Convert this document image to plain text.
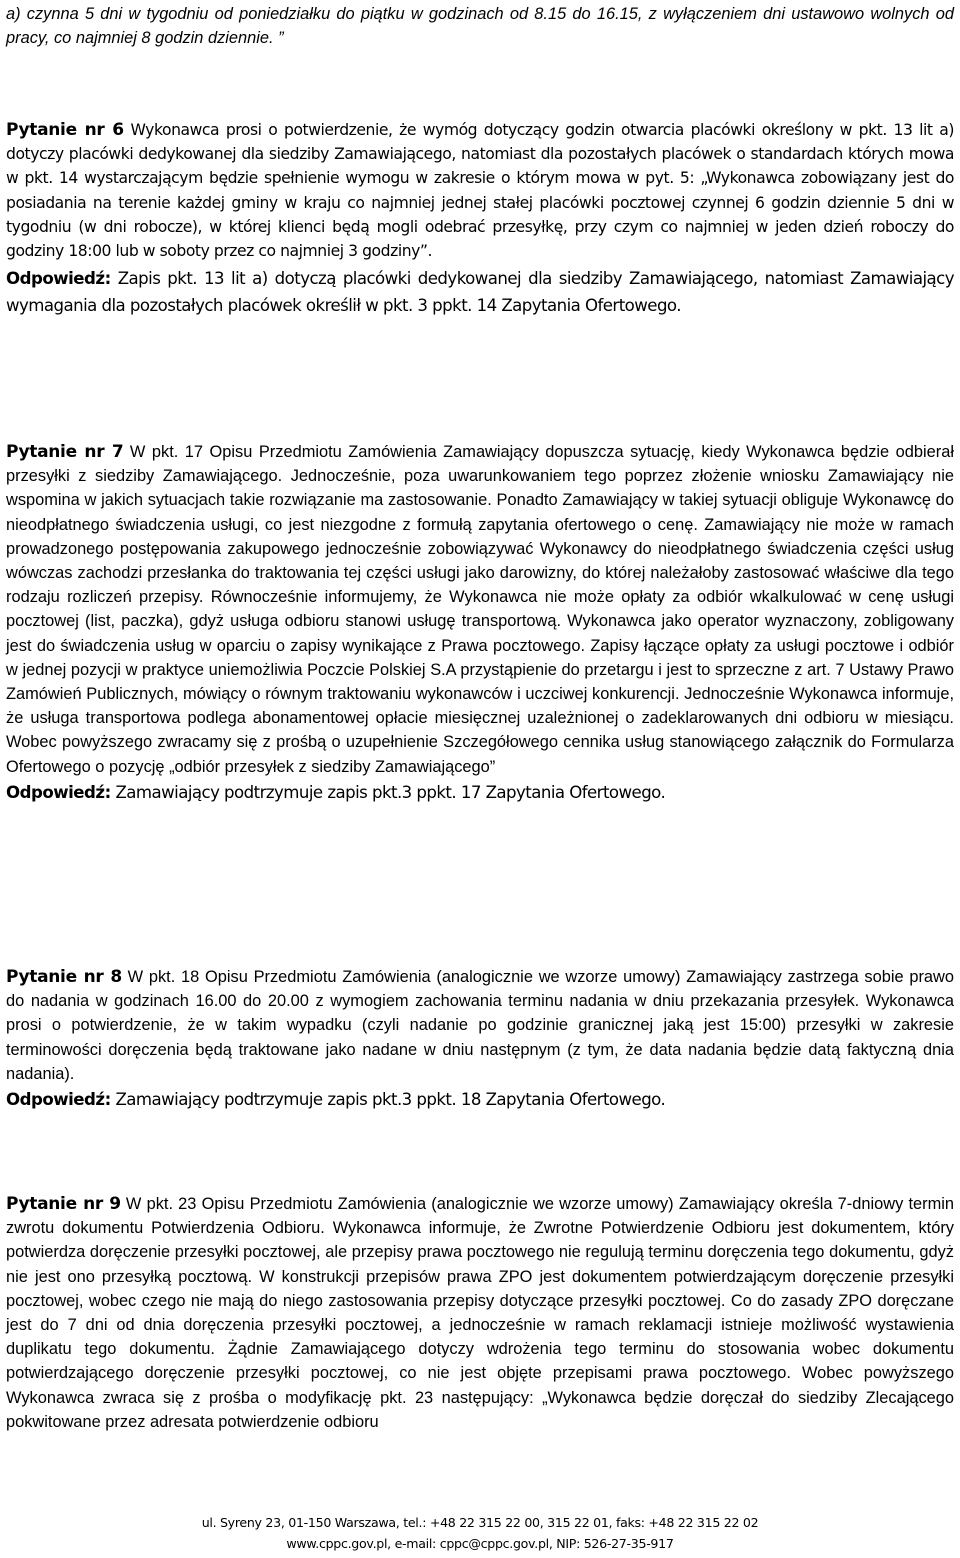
a) czynna 5 dni w tygodniu od poniedziałku do piątku w godzinach od 8.15 do 16.15, z wyłączeniem dni ustawowo wolnych od pracy, co najmniej 8 godzin dziennie. ”

Pytanie nr 6 Wykonawca prosi o potwierdzenie, że wymóg dotyczący godzin otwarcia placówki określony w pkt. 13 lit a) dotyczy placówki dedykowanej dla siedziby Zamawiającego, natomiast dla pozostałych placówek o standardach których mowa w pkt. 14 wystarczającym będzie spełnienie wymogu w zakresie o którym mowa w pyt. 5: „Wykonawca zobowiązany jest do posiadania na terenie każdej gminy w kraju co najmniej jednej stałej placówki pocztowej czynnej 6 godzin dziennie 5 dni w tygodniu (w dni robocze), w której klienci będą mogli odebrać przesyłkę, przy czym co najmniej w jeden dzień roboczy do godziny 18:00 lub w soboty przez co najmniej 3 godziny”.

Odpowiedź: Zapis pkt. 13 lit a) dotyczą placówki dedykowanej dla siedziby Zamawiającego, natomiast Zamawiający wymagania dla pozostałych placówek określił w pkt. 3 ppkt. 14 Zapytania Ofertowego.

Pytanie nr 7 W pkt. 17 Opisu Przedmiotu Zamówienia Zamawiający dopuszcza sytuację, kiedy Wykonawca będzie odbierał przesyłki z siedziby Zamawiającego. Jednocześnie, poza uwarunkowaniem tego poprzez złożenie wniosku Zamawiający nie wspomina w jakich sytuacjach takie rozwiązanie ma zastosowanie. Ponadto Zamawiający w takiej sytuacji obliguje Wykonawcę do nieodpłatnego świadczenia usługi, co jest niezgodne z formułą zapytania ofertowego o cenę. Zamawiający nie może w ramach prowadzonego postępowania zakupowego jednocześnie zobowiązywać Wykonawcy do nieodpłatnego świadczenia części usług wówczas zachodzi przesłanka do traktowania tej części usługi jako darowizny, do której należałoby zastosować właściwe dla tego rodzaju rozliczeń przepisy. Równocześnie informujemy, że Wykonawca nie może opłaty za odbiór wkalkulować w cenę usługi pocztowej (list, paczka), gdyż usługa odbioru stanowi usługę transportową. Wykonawca jako operator wyznaczony, zobligowany jest do świadczenia usług w oparciu o zapisy wynikające z Prawa pocztowego. Zapisy łączące opłaty za usługi pocztowe i odbiór w jednej pozycji w praktyce uniemożliwia Poczcie Polskiej S.A przystąpienie do przetargu i jest to sprzeczne z art. 7 Ustawy Prawo Zamówień Publicznych, mówiący o równym traktowaniu wykonawców i uczciwej konkurencji. Jednocześnie Wykonawca informuje, że usługa transportowa podlega abonamentowej opłacie miesięcznej uzależnionej o zadeklarowanych dni odbioru w miesiącu. Wobec powyższego zwracamy się z prośbą o uzupełnienie Szczegółowego cennika usług stanowiącego załącznik do Formularza Ofertowego o pozycję „odbiór przesyłek z siedziby Zamawiającego”

Odpowiedź: Zamawiający podtrzymuje zapis pkt.3 ppkt. 17 Zapytania Ofertowego.

Pytanie nr 8 W pkt. 18 Opisu Przedmiotu Zamówienia (analogicznie we wzorze umowy) Zamawiający zastrzega sobie prawo do nadania w godzinach 16.00 do 20.00 z wymogiem zachowania terminu nadania w dniu przekazania przesyłek. Wykonawca prosi o potwierdzenie, że w takim wypadku (czyli nadanie po godzinie granicznej jaką jest 15:00) przesyłki w zakresie terminowości doręczenia będą traktowane jako nadane w dniu następnym (z tym, że data nadania będzie datą faktyczną dnia nadania).

Odpowiedź: Zamawiający podtrzymuje zapis pkt.3 ppkt. 18 Zapytania Ofertowego.

Pytanie nr 9 W pkt. 23 Opisu Przedmiotu Zamówienia (analogicznie we wzorze umowy) Zamawiający określa 7-dniowy termin zwrotu dokumentu Potwierdzenia Odbioru. Wykonawca informuje, że Zwrotne Potwierdzenie Odbioru jest dokumentem, który potwierdza doręczenie przesyłki pocztowej, ale przepisy prawa pocztowego nie regulują terminu doręczenia tego dokumentu, gdyż nie jest ono przesyłką pocztową. W konstrukcji przepisów prawa ZPO jest dokumentem potwierdzającym doręczenie przesyłki pocztowej, wobec czego nie mają do niego zastosowania przepisy dotyczące przesyłki pocztowej. Co do zasady ZPO doręczane jest do 7 dni od dnia doręczenia przesyłki pocztowej, a jednocześnie w ramach reklamacji istnieje możliwość wystawienia duplikatu tego dokumentu. Żądnie Zamawiającego dotyczy wdrożenia tego terminu do stosowania wobec dokumentu potwierdzającego doręczenie przesyłki pocztowej, co nie jest objęte przepisami prawa pocztowego. Wobec powyższego Wykonawca zwraca się z prośba o modyfikację pkt. 23 następujący: „Wykonawca będzie doręczał do siedziby Zlecającego pokwitowane przez adresata potwierdzenie odbioru

ul. Syreny 23, 01-150 Warszawa, tel.: +48 22 315 22 00, 315 22 01, faks: +48 22 315 22 02
www.cppc.gov.pl, e-mail: cppc@cppc.gov.pl, NIP: 526-27-35-917
